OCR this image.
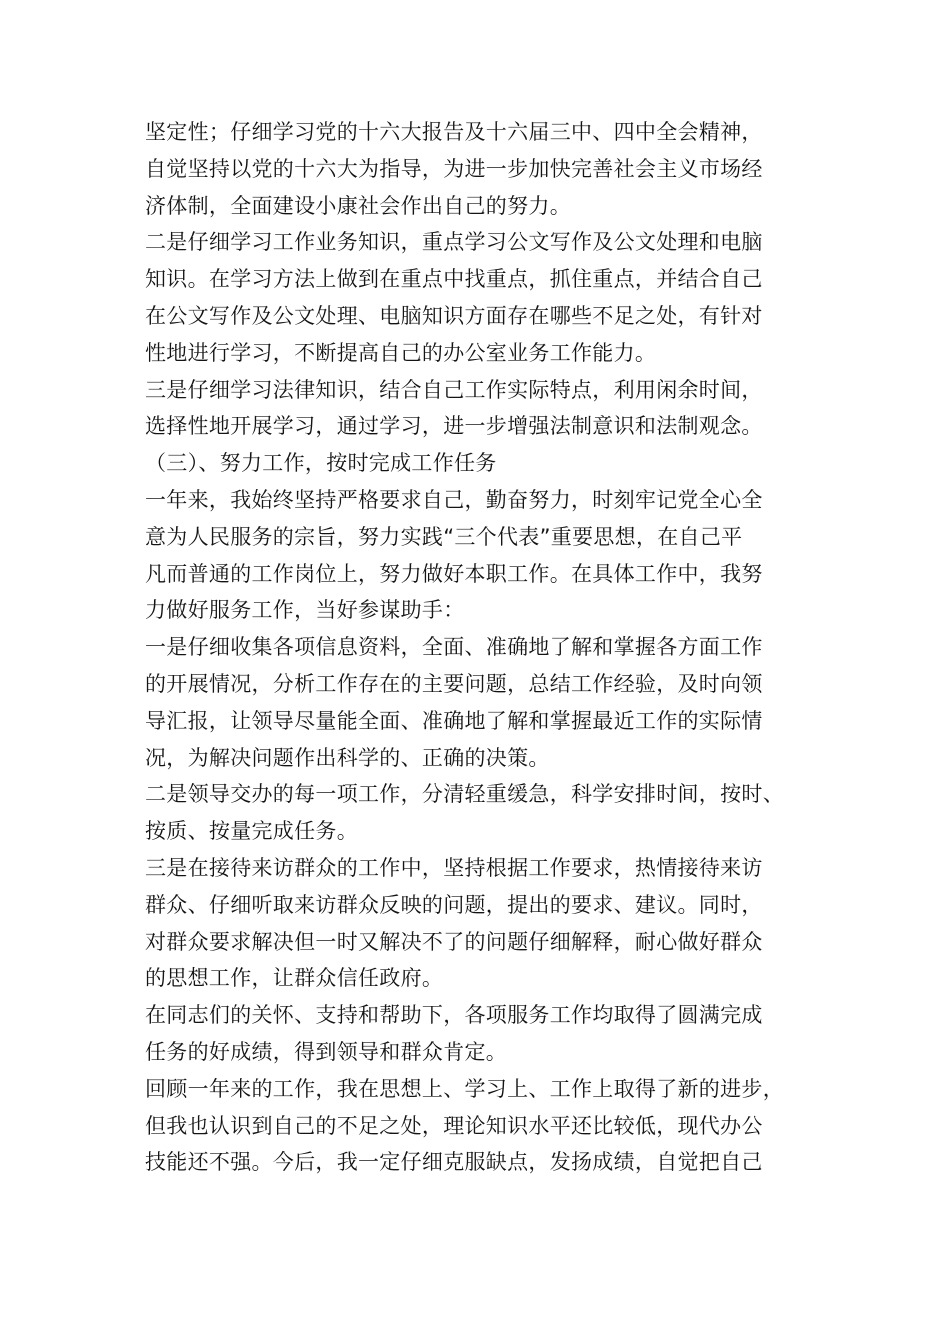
坚定性；仔细学习党的十六大报告及十六届三中、四中全会精神，
自觉坚持以党的十六大为指导，为进一步加快完善社会主义市场经
济体制，全面建设小康社会作出自己的努力。
二是仔细学习工作业务知识，重点学习公文写作及公文处理和电脑
知识。在学习方法上做到在重点中找重点，抓住重点，并结合自己
在公文写作及公文处理、电脑知识方面存在哪些不足之处，有针对
性地进行学习，不断提高自己的办公室业务工作能力。
三是仔细学习法律知识，结合自己工作实际特点，利用闲余时间，
选择性地开展学习，通过学习，进一步增强法制意识和法制观念。
（三）、努力工作，按时完成工作任务
一年来，我始终坚持严格要求自己，勤奋努力，时刻牢记党全心全
意为人民服务的宗旨，努力实践“三个代表”重要思想，在自己平
凡而普通的工作岗位上，努力做好本职工作。在具体工作中，我努
力做好服务工作，当好参谋助手：
一是仔细收集各项信息资料，全面、准确地了解和掌握各方面工作
的开展情况，分析工作存在的主要问题，总结工作经验，及时向领
导汇报，让领导尽量能全面、准确地了解和掌握最近工作的实际情
况，为解决问题作出科学的、正确的决策。
二是领导交办的每一项工作，分清轻重缓急，科学安排时间，按时、
按质、按量完成任务。
三是在接待来访群众的工作中，坚持根据工作要求，热情接待来访
群众、仔细听取来访群众反映的问题，提出的要求、建议。同时，
对群众要求解决但一时又解决不了的问题仔细解释，耐心做好群众
的思想工作，让群众信任政府。
在同志们的关怀、支持和帮助下，各项服务工作均取得了圆满完成
任务的好成绩，得到领导和群众肯定。
回顾一年来的工作，我在思想上、学习上、工作上取得了新的进步，
但我也认识到自己的不足之处，理论知识水平还比较低，现代办公
技能还不强。今后，我一定仔细克服缺点，发扬成绩，自觉把自己
